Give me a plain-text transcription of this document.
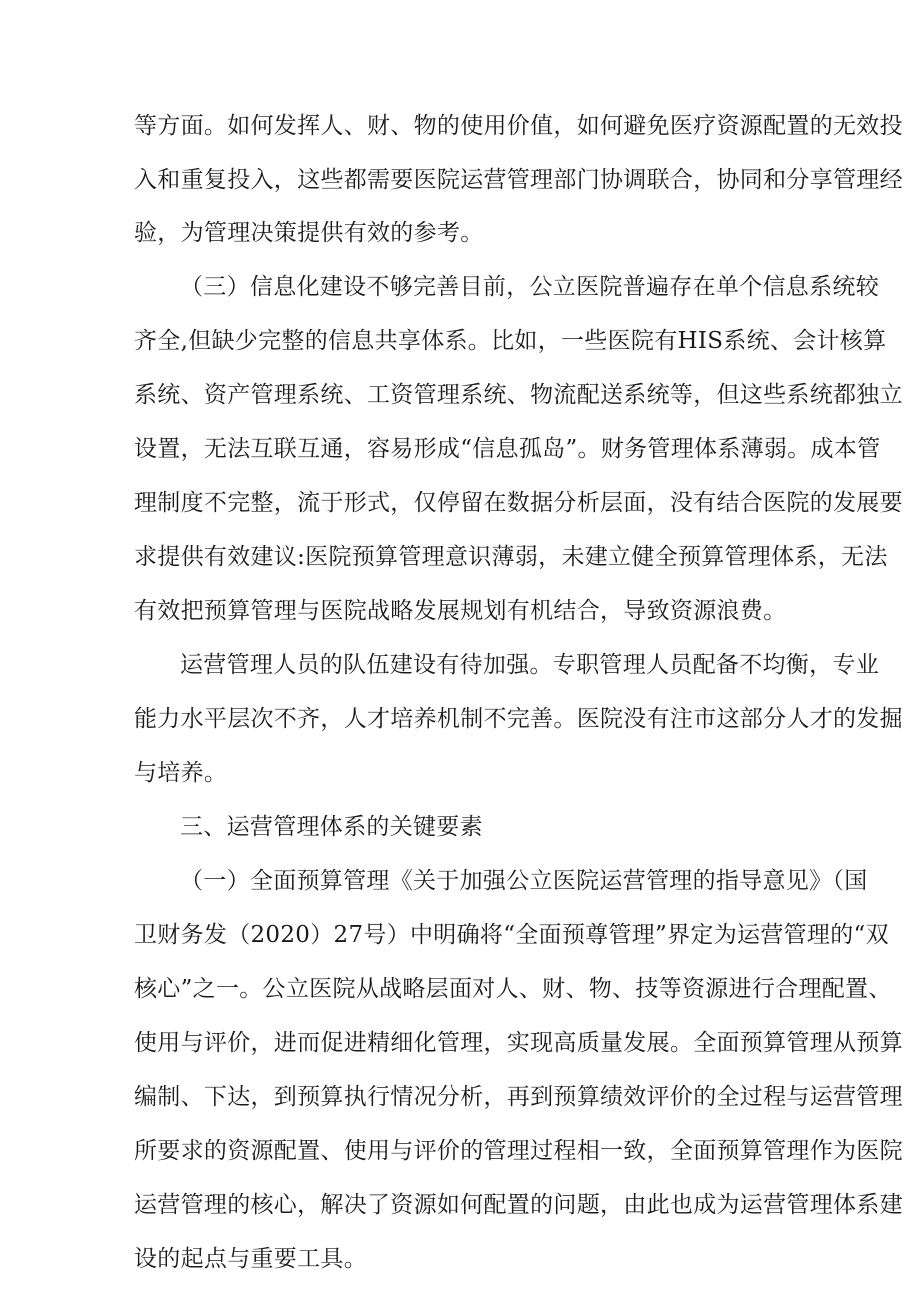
等方面。如何发挥人、财、物的使用价值，如何避免医疗资源配置的无效投
入和重复投入，这些都需要医院运营管理部门协调联合，协同和分享管理经
验，为管理决策提供有效的参考。
（三）信息化建设不够完善目前，公立医院普遍存在单个信息系统较
齐全,但缺少完整的信息共享体系。比如，一些医院有HIS系统、会计核算
系统、资产管理系统、工资管理系统、物流配送系统等，但这些系统都独立
设置，无法互联互通，容易形成“信息孤岛”。财务管理体系薄弱。成本管
理制度不完整，流于形式，仅停留在数据分析层面，没有结合医院的发展要
求提供有效建议:医院预算管理意识薄弱，未建立健全预算管理体系，无法
有效把预算管理与医院战略发展规划有机结合，导致资源浪费。
运营管理人员的队伍建设有待加强。专职管理人员配备不均衡，专业
能力水平层次不齐，人才培养机制不完善。医院没有注市这部分人才的发掘
与培养。
三、运营管理体系的关键要素
（一）全面预算管理《关于加强公立医院运营管理的指导意见》（国
卫财务发（2020）27号）中明确将“全面预尊管理”界定为运营管理的“双
核心”之一。公立医院从战略层面对人、财、物、技等资源进行合理配置、
使用与评价，进而促进精细化管理，实现高质量发展。全面预算管理从预算
编制、下达，到预算执行情况分析，再到预算绩效评价的全过程与运营管理
所要求的资源配置、使用与评价的管理过程相一致，全面预算管理作为医院
运营管理的核心，解决了资源如何配置的问题，由此也成为运营管理体系建
设的起点与重要工具。
